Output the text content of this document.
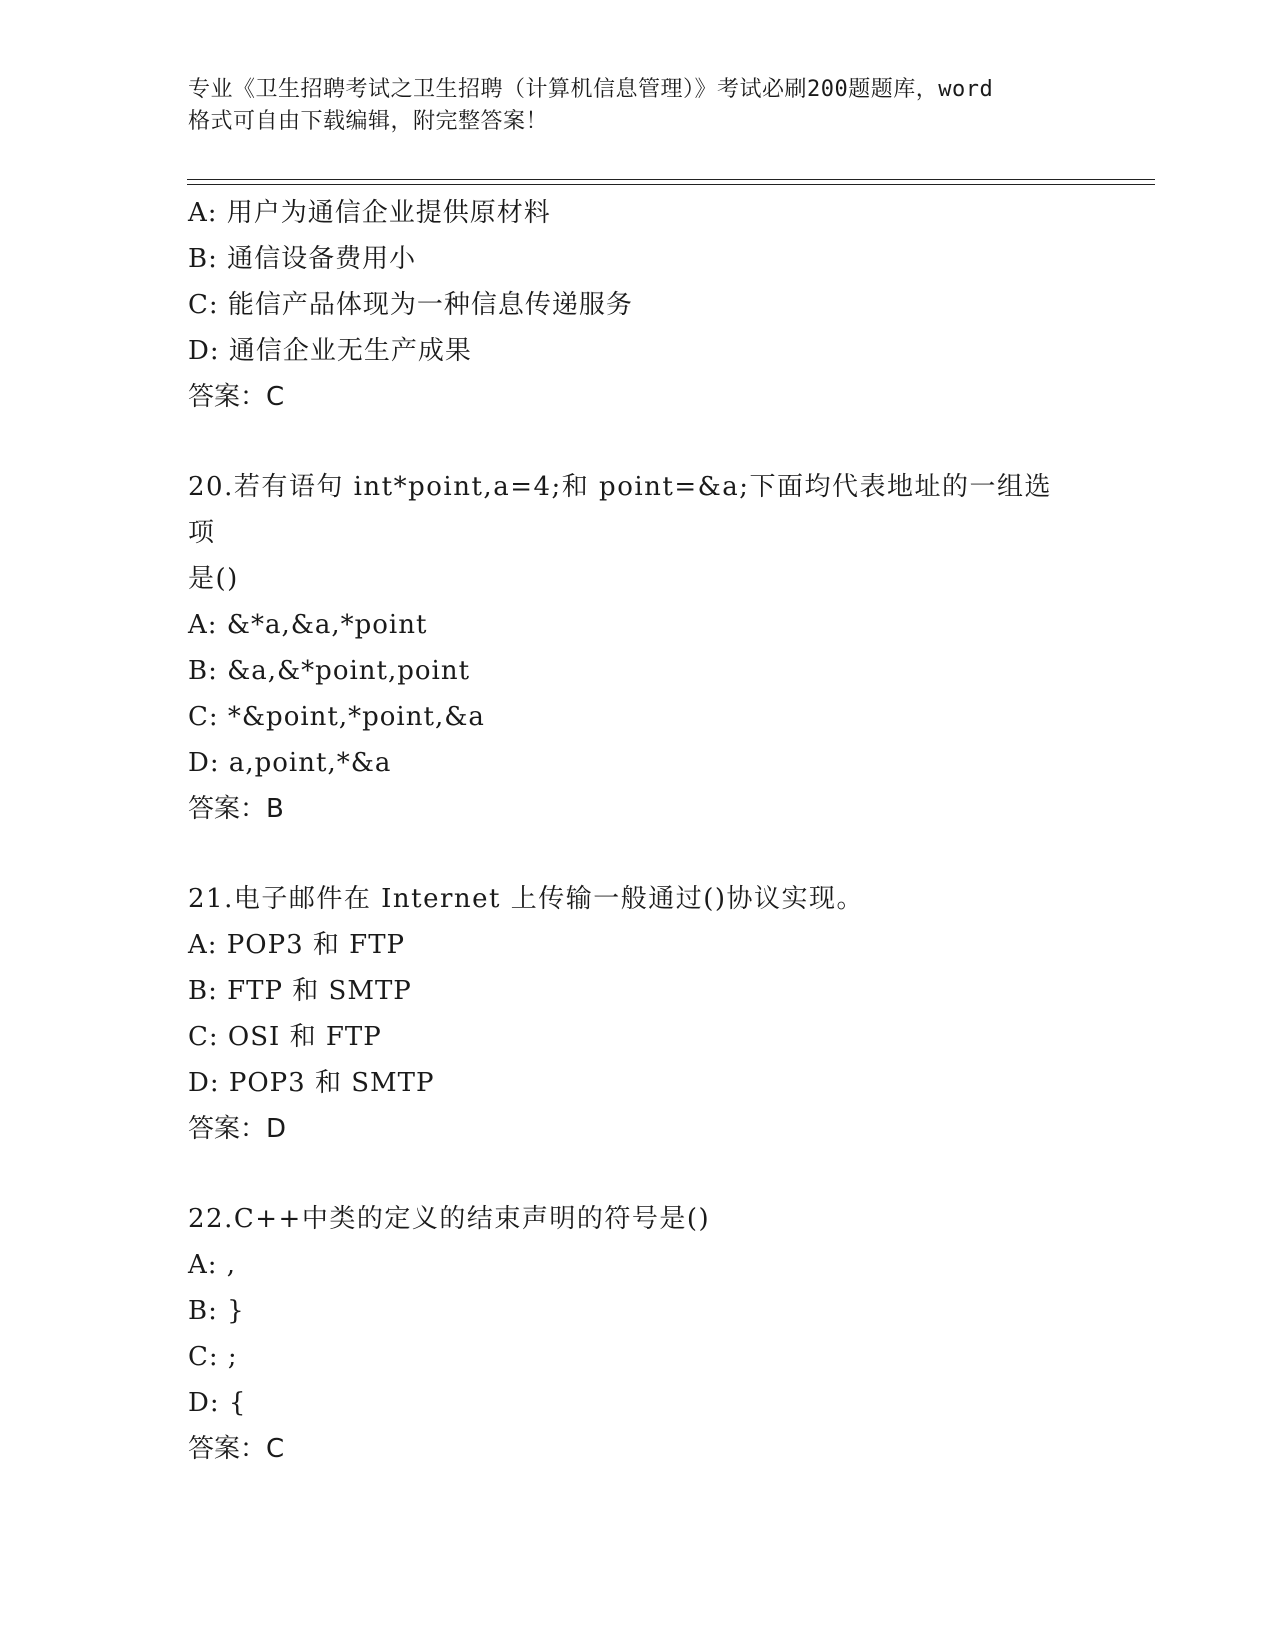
专业《卫生招聘考试之卫生招聘（计算机信息管理）》考试必刷200题题库，word
格式可自由下载编辑，附完整答案！
A: 用户为通信企业提供原材料
B: 通信设备费用小
C: 能信产品体现为一种信息传递服务
D: 通信企业无生产成果
答案：C
20.若有语句 int*point,a=4;和 point=&a;下面均代表地址的一组选项
是()
A: &*a,&a,*point
B: &a,&*point,point
C: *&point,*point,&a
D: a,point,*&a
答案：B
21.电子邮件在 Internet 上传输一般通过()协议实现。
A: POP3 和 FTP
B: FTP 和 SMTP
C: OSI 和 FTP
D: POP3 和 SMTP
答案：D
22.C++中类的定义的结束声明的符号是()
A: ,
B: }
C: ;
D: {
答案：C
